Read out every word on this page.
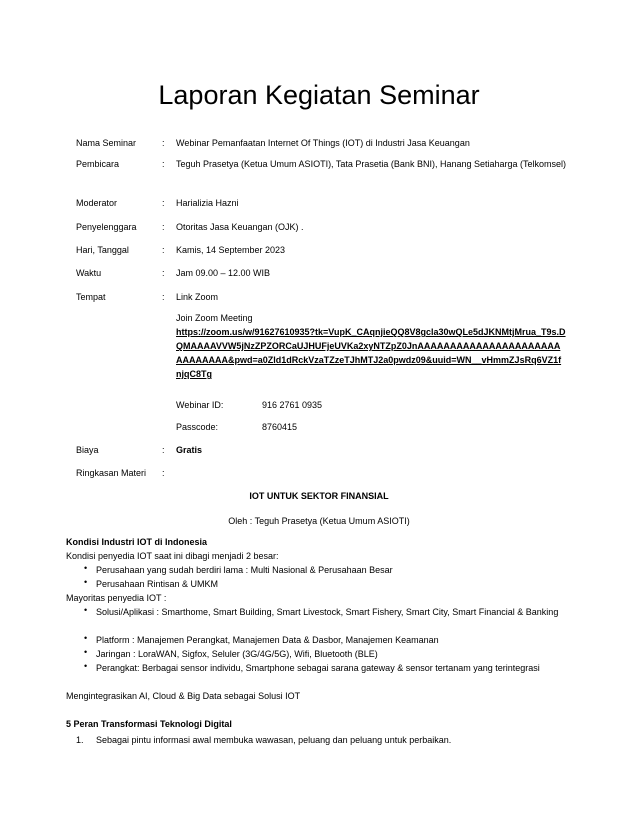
Laporan Kegiatan Seminar
Nama Seminar	: Webinar Pemanfaatan Internet Of Things (IOT) di Industri Jasa Keuangan
Pembicara	: Teguh Prasetya (Ketua Umum ASIOTI), Tata Prasetia (Bank BNI), Hanang Setiaharga (Telkomsel)
Moderator	: Harializia Hazni
Penyelenggara	: Otoritas Jasa Keuangan (OJK) .
Hari, Tanggal	: Kamis, 14 September 2023
Waktu	: Jam 09.00 – 12.00 WIB
Tempat	: Link Zoom
Join Zoom Meeting
https://zoom.us/w/91627610935?tk=VupK_CAqnjieQQ8V8gcla30wQLe5dJKNMtjMrua_T9s.DQMAAAAVVW5jNzZPZORCaUJHUFjeUVKa2xyNTZpZ0JnAAAAAAAAAAAAAAAAAAAAAAAAAAAAAA&pwd=a0Zld1dRckVzaTZzeTJhMTJ2a0pwdz09&uuid=WN__vHmmZJsRq6VZ1fnjqC8Tg
Webinar ID:	916 2761 0935
Passcode:	8760415
Biaya	: Gratis
Ringkasan Materi	:
IOT UNTUK SEKTOR FINANSIAL
Oleh : Teguh Prasetya (Ketua Umum ASIOTI)
Kondisi Industri IOT di Indonesia
Kondisi penyedia IOT saat ini dibagi menjadi 2 besar:
• Perusahaan yang sudah berdiri lama : Multi Nasional & Perusahaan Besar
• Perusahaan Rintisan & UMKM
Mayoritas penyedia IOT :
• Solusi/Aplikasi : Smarthome, Smart Building, Smart Livestock, Smart Fishery, Smart City, Smart Financial & Banking
• Platform : Manajemen Perangkat, Manajemen Data & Dasbor, Manajemen Keamanan
• Jaringan : LoraWAN, Sigfox, Seluler (3G/4G/5G), Wifi, Bluetooth (BLE)
• Perangkat: Berbagai sensor individu, Smartphone sebagai sarana gateway & sensor tertanam yang terintegrasi
Mengintegrasikan AI, Cloud & Big Data sebagai Solusi IOT
5 Peran Transformasi Teknologi Digital
1. Sebagai pintu informasi awal membuka wawasan, peluang dan peluang untuk perbaikan.
